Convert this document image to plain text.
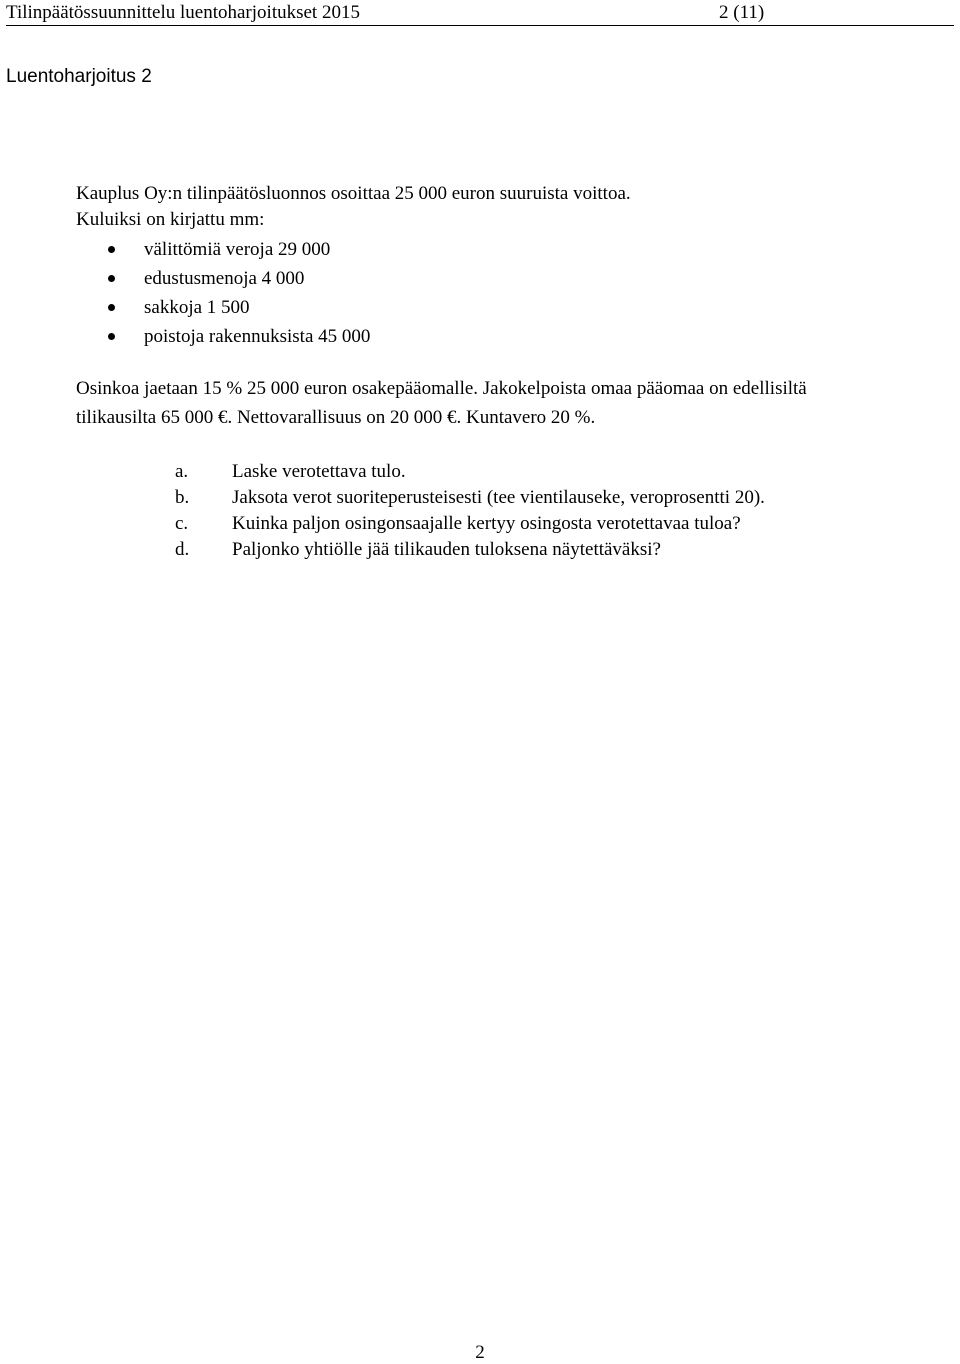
Tilinpäätössuunnittelu luentoharjoitukset 2015	2 (11)
Luentoharjoitus 2
Kauplus Oy:n tilinpäätösluonnos osoittaa 25 000 euron suuruista voittoa.
Kuluiksi on kirjattu mm:
välittömiä veroja 29 000
edustusmenoja 4 000
sakkoja 1 500
poistoja rakennuksista 45 000
Osinkoa jaetaan 15 % 25 000 euron osakepääomalle. Jakokelpoista omaa pääomaa on edellisiltä
tilikausilta 65 000 €. Nettovarallisuus on 20 000 €. Kuntavero 20 %.
a. Laske verotettava tulo.
b. Jaksota verot suoriteperusteisesti (tee vientilauseke, veroprosentti 20).
c. Kuinka paljon osingonsaajalle kertyy osingosta verotettavaa tuloa?
d. Paljonko yhtiölle jää tilikauden tuloksena näytettäväksi?
2
